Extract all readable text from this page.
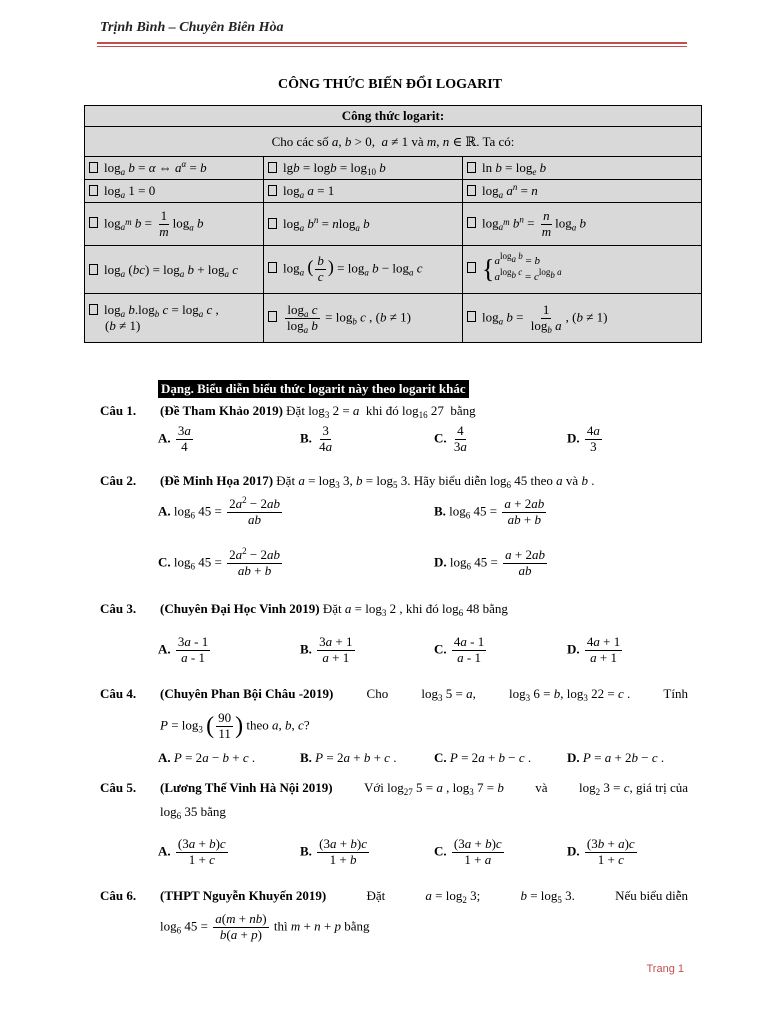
Trịnh Bình – Chuyên Biên Hòa
CÔNG THỨC BIẾN ĐỔI LOGARIT
Công thức logarit:		
Cho các số a, b > 0,  a ≠ 1 và m, n ∈ ℝ. Ta có:		
$\log_a b = \alpha$ ⇔ $a^\alpha = b$	$\lg b = \log b = \log_{10} b$	$\ln b = \log_e b$
$\log_a 1 = 0$	$\log_a a = 1$	$\log_a a^n = n$
$\log_{a^m} b = \frac{1}{m} \log_a b$	$\log_a b^n = nlog_a$ b	$\log_{a^m} b^n = \frac{n}{m} \log_a b$
$\log_a (bc) = \log_a b + \log_a c$	$\log_a$ ( $\frac{b}{c}$ ) = $\log_a b - \log_a c$	{$a^{log_a b} = b$
$a^{log_b c} = c^{log_b a}$
$\log_a b.\log_b$ $c = \log_a c$ ,
(b ≠ 1)	$\frac{\log_a c}{\log_a b} = \log_b c$ , (b ≠ 1)	$\log_a b = \frac{1}{\log_b a}$ , (b ≠ 1)
Dạng. Biểu diễn biểu thức logarit này theo logarit khác
Câu 1. (Đề Tham Khảo 2019) Đặt $\log_3 2 = a$ khi đó $\log_{16} 27$  bằng
A. $\frac{3a}{4}$	B. $\frac{3}{4a}$	C. $\frac{4}{3a}$	D. $\frac{4a}{3}$
Câu 2. (Đề Minh Họa 2017) Đặt $a = \log_3 3$, $b = \log_5 3$. Hãy biểu diễn $\log_6 45$ theo a và b .
A. $\log_6 45 = \frac{2a^2 - 2ab}{ab}$	B. $\log_6 45 = \frac{a + 2ab}{ab + b}$
C. $\log_6 45 = \frac{2a^2 - 2ab}{ab + b}$	D. $\log_6 45 = \frac{a + 2ab}{ab}$
Câu 3. (Chuyên Đại Học Vinh 2019) Đặt $a = \log_3 2$ , khi đó $\log_6 48$ bằng
A. $\frac{3a - 1}{a - 1}$	B. $\frac{3a + 1}{a + 1}$	C. $\frac{4a - 1}{a - 1}$	D. $\frac{4a + 1}{a + 1}$
Câu 4. (Chuyên Phan Bội Châu -2019)	Cho	$\log_3 5 = a$,	$\log_3 6 = b$, $\log_3 22 = c$ .	Tính
$P = \log_3$ ( $\frac{90}{11}$ ) theo a, b, c?
A. P = 2a − b + c .	B. P = 2a + b + c .	C. P = 2a + b − c .	D. P = a + 2b − c .
Câu 5. (Lương Thế Vinh Hà Nội 2019) Với $\log_{27} 5 = a$ , $\log_3 7 = b$ và $\log_2 3 = c$, giá trị của
$\log_6 35$ bằng
A. $\frac{(3a + b)c}{1 + c}$	B. $\frac{(3a + b)c}{1 + b}$	C. $\frac{(3a + b)c}{1 + a}$	D. $\frac{(3b + a)c}{1 + c}$
Câu 6. (THPT Nguyễn Khuyến 2019)	Đặt	$a = \log_2 3$;	$b = \log_5 3$.	Nếu biểu diễn
$\log_6 45 = \frac{a(m + nb)}{b(a + p)}$ thì m + n + p bằng
Trang 1
